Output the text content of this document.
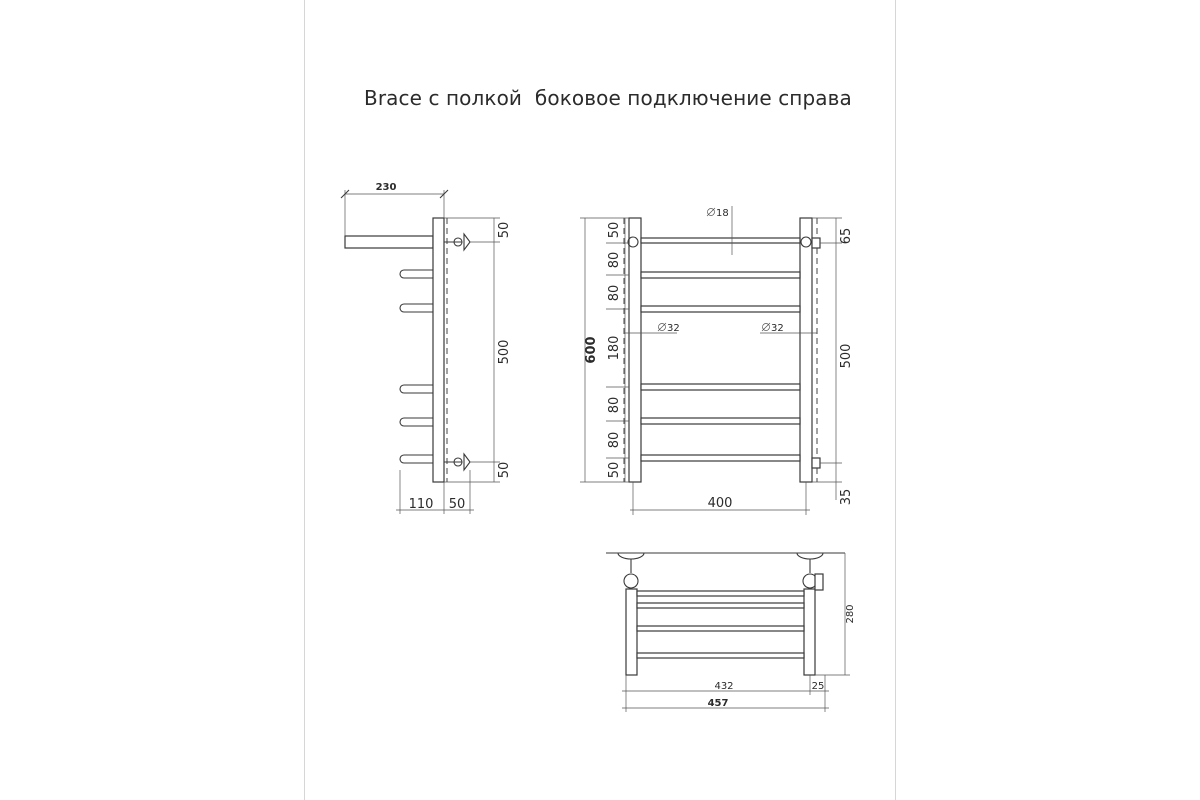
Brace с полкой  боковое подключение справа
230
50
500
50
110 50
600
50
80
80
180
80
80
50
18
32	32
65
500
35
400
280
432	25
457
